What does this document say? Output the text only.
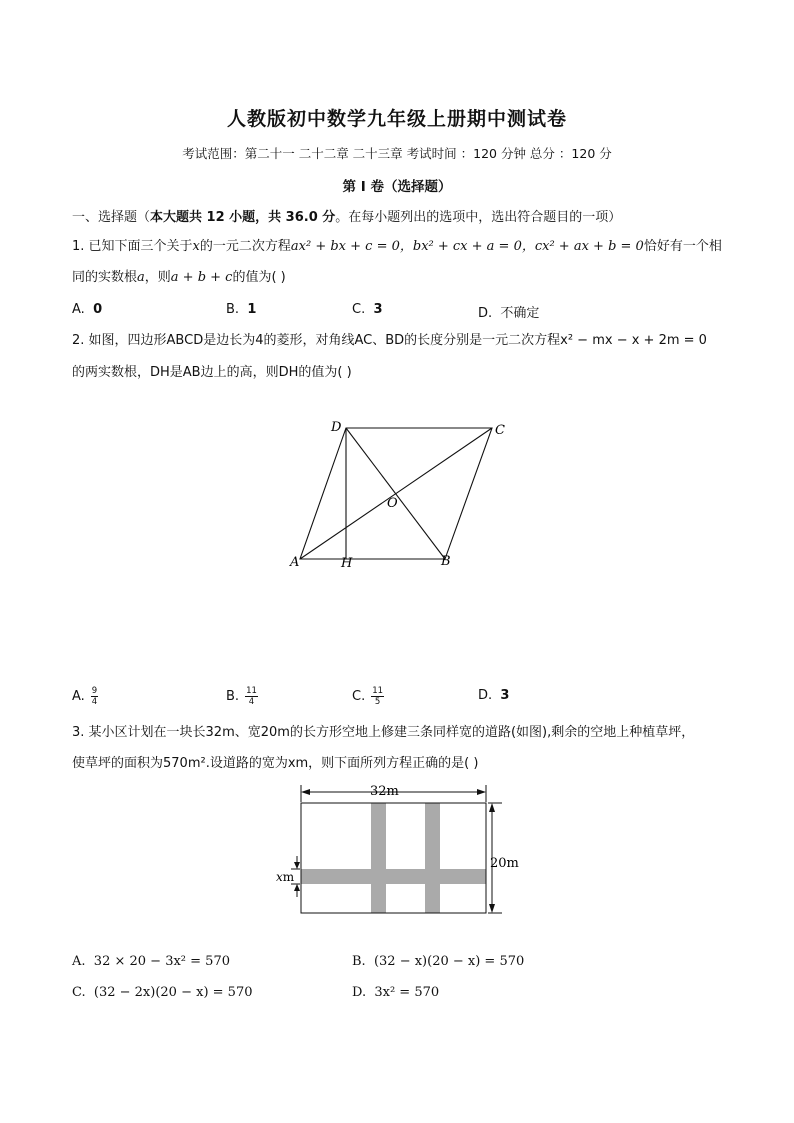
人教版初中数学九年级上册期中测试卷
考试范围：第二十一 二十二章 二十三章 考试时间 ：120 分钟 总分 ：120 分
第 I 卷（选择题）
一、选择题（本大题共 12 小题，共 36.0 分。在每小题列出的选项中，选出符合题目的一项）
1. 已知下面三个关于x的一元二次方程ax² + bx + c = 0，bx² + cx + a = 0，cx² + ax + b = 0恰好有一个相
同的实数根a，则a + b + c的值为( )
A. 0	B. 1	C. 3	D. 不确定
2. 如图，四边形ABCD是边长为4的菱形，对角线AC、BD的长度分别是一元二次方程x² − mx − x + 2m = 0
的两实数根，DH是AB边上的高，则DH的值为( )
D	C
O
A	H	B
A. $\frac{9}{4}$	B. $\frac{11}{4}$	C. $\frac{11}{5}$	D. 3
3. 某小区计划在一块长32m、宽20m的长方形空地上修建三条同样宽的道路(如图),剩余的空地上种植草坪，
使草坪的面积为570m².设道路的宽为xm，则下面所列方程正确的是( )
32m
20m
xm
A. 32 × 20 − 3x² = 570	B. (32 − x)(20 − x) = 570
C. (32 − 2x)(20 − x) = 570	D. 3x² = 570
